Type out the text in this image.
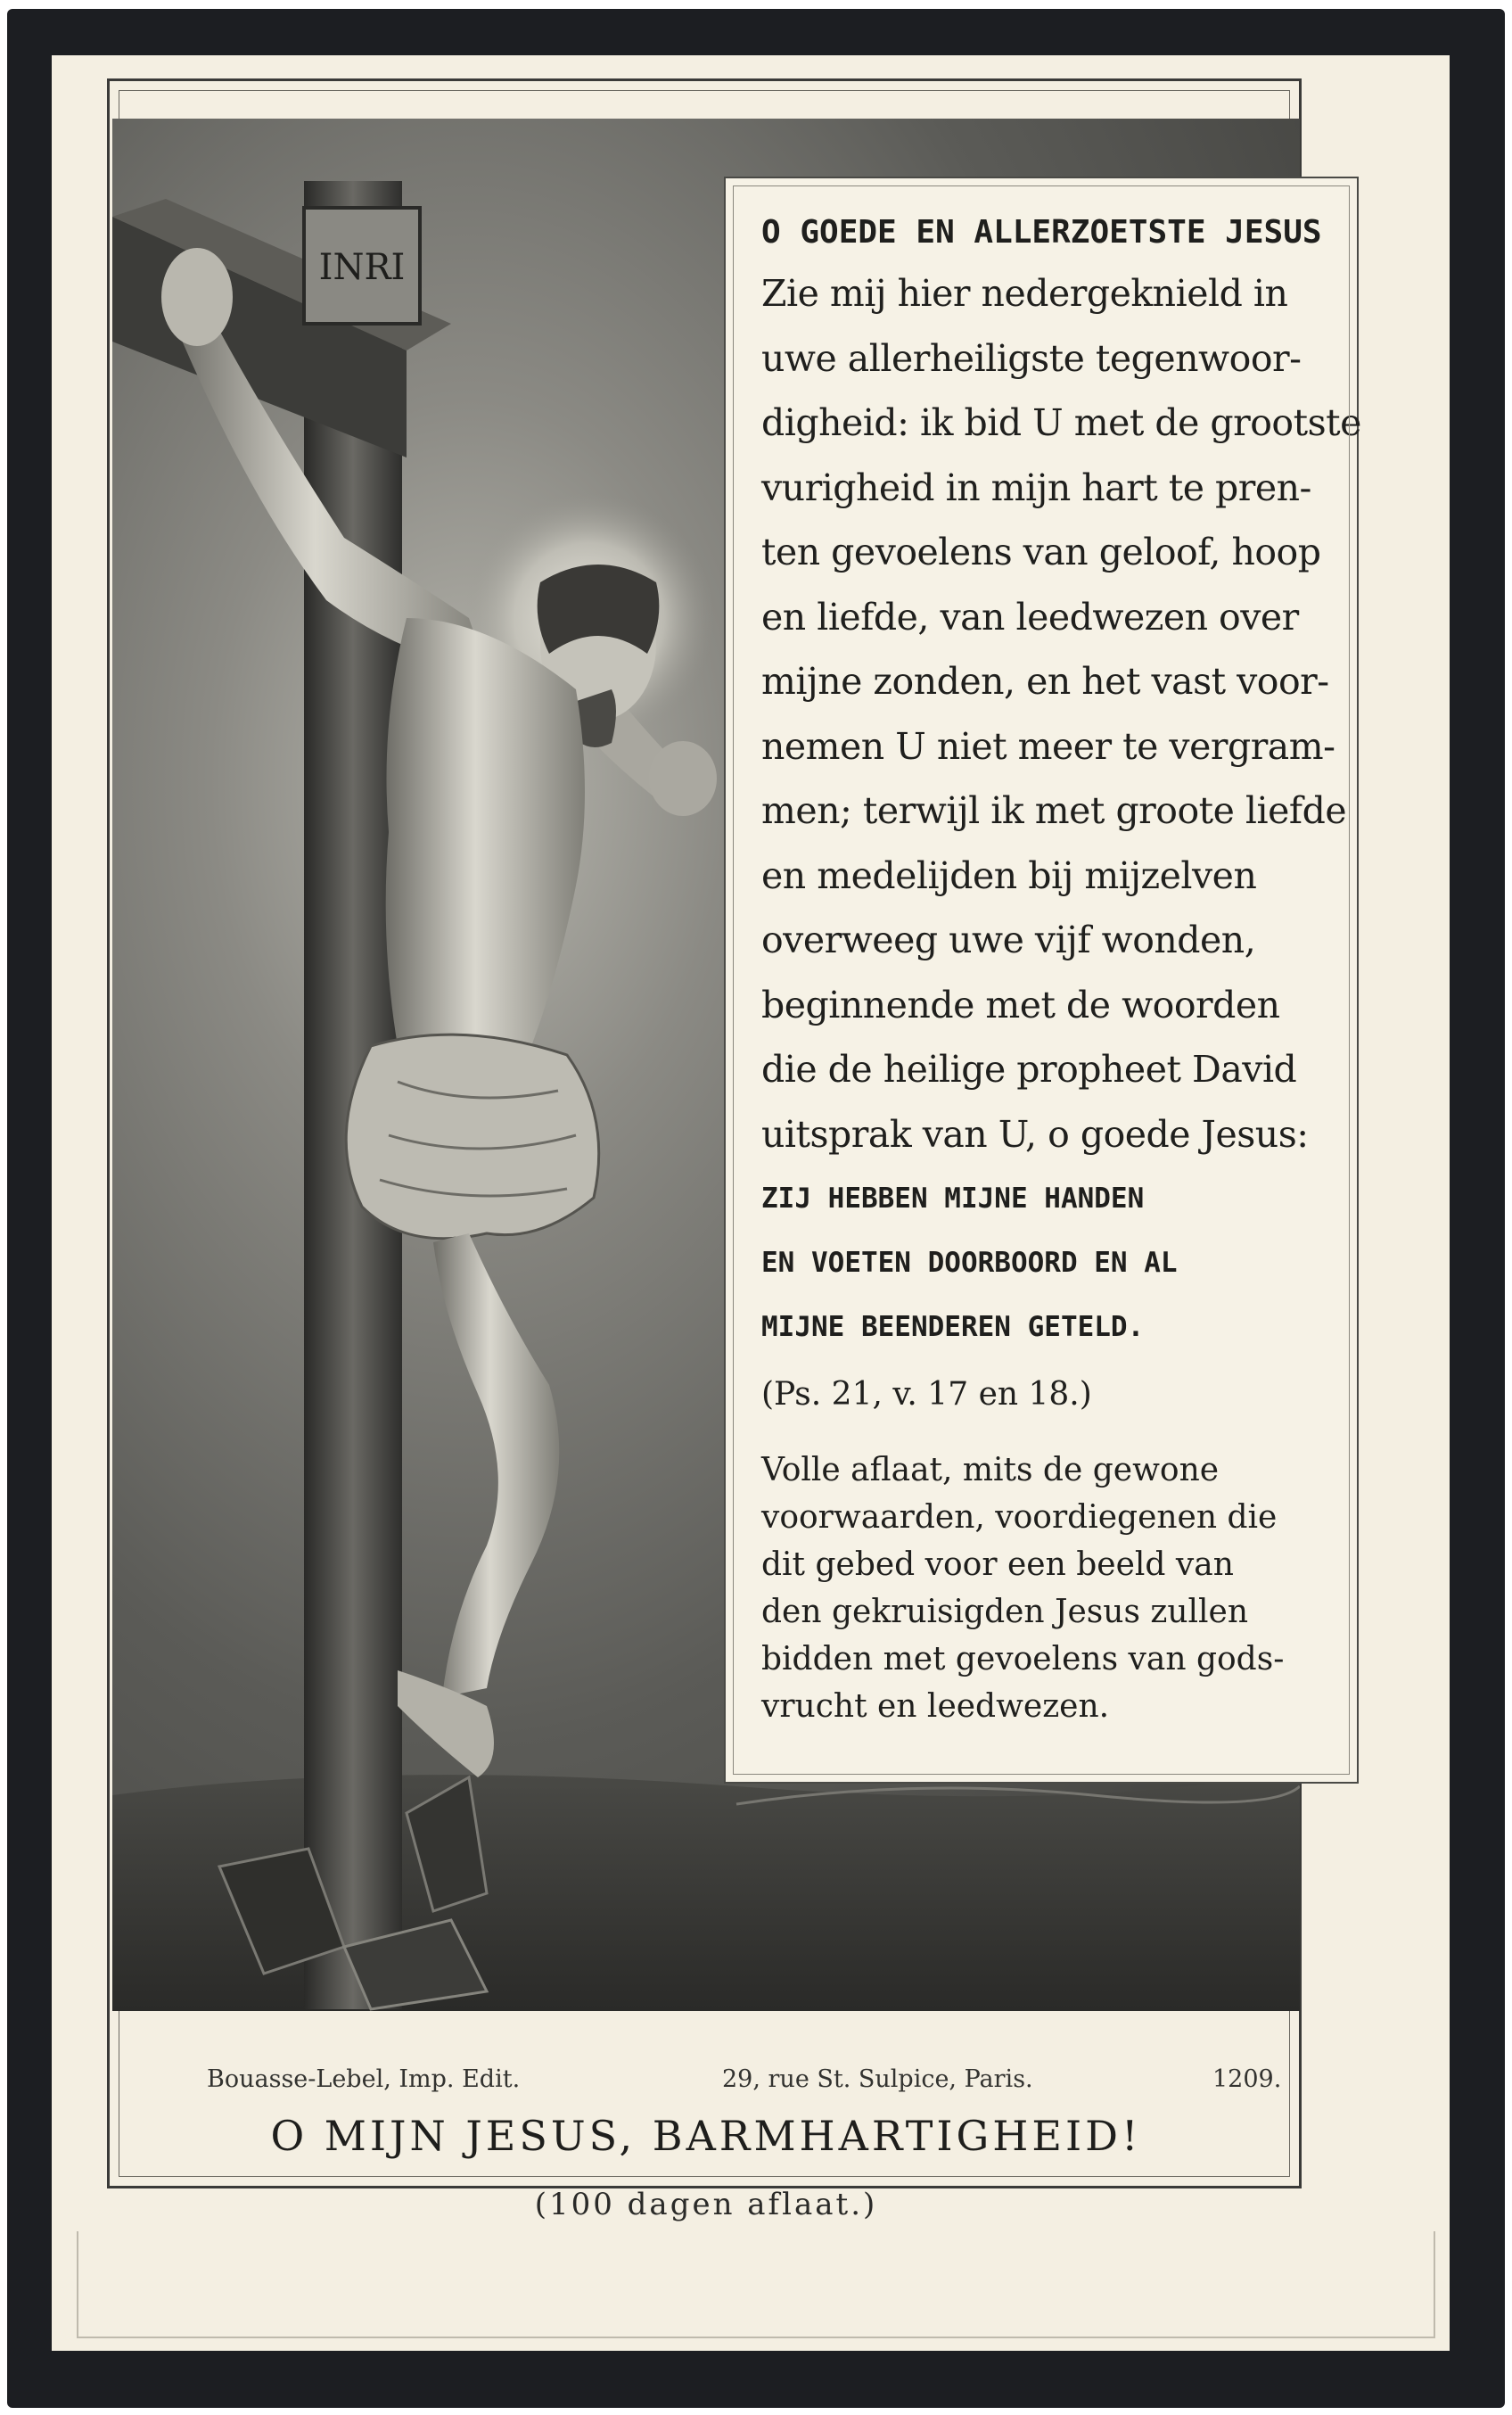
INRI
O GOEDE EN ALLERZOETSTE JESUS
Zie mij hier nedergeknield in
uwe allerheiligste tegenwoor-
digheid: ik bid U met de grootste
vurigheid in mijn hart te pren-
ten gevoelens van geloof, hoop
en liefde, van leedwezen over
mijne zonden, en het vast voor-
nemen U niet meer te vergram-
men; terwijl ik met groote liefde
en medelijden bij mijzelven
overweeg uwe vijf wonden,
beginnende met de woorden
die de heilige propheet David
uitsprak van U, o goede Jesus:
ZIJ HEBBEN MIJNE HANDEN
EN VOETEN DOORBOORD EN AL
MIJNE BEENDEREN GETELD.
(Ps. 21, v. 17 en 18.)
Volle aflaat, mits de gewone
voorwaarden, voordiegenen die
dit gebed voor een beeld van
den gekruisigden Jesus zullen
bidden met gevoelens van gods-
vrucht en leedwezen.
Bouasse-Lebel, Imp. Edit.	29, rue St. Sulpice, Paris.	1209.
O MIJN JESUS, BARMHARTIGHEID!
(100 dagen aflaat.)
